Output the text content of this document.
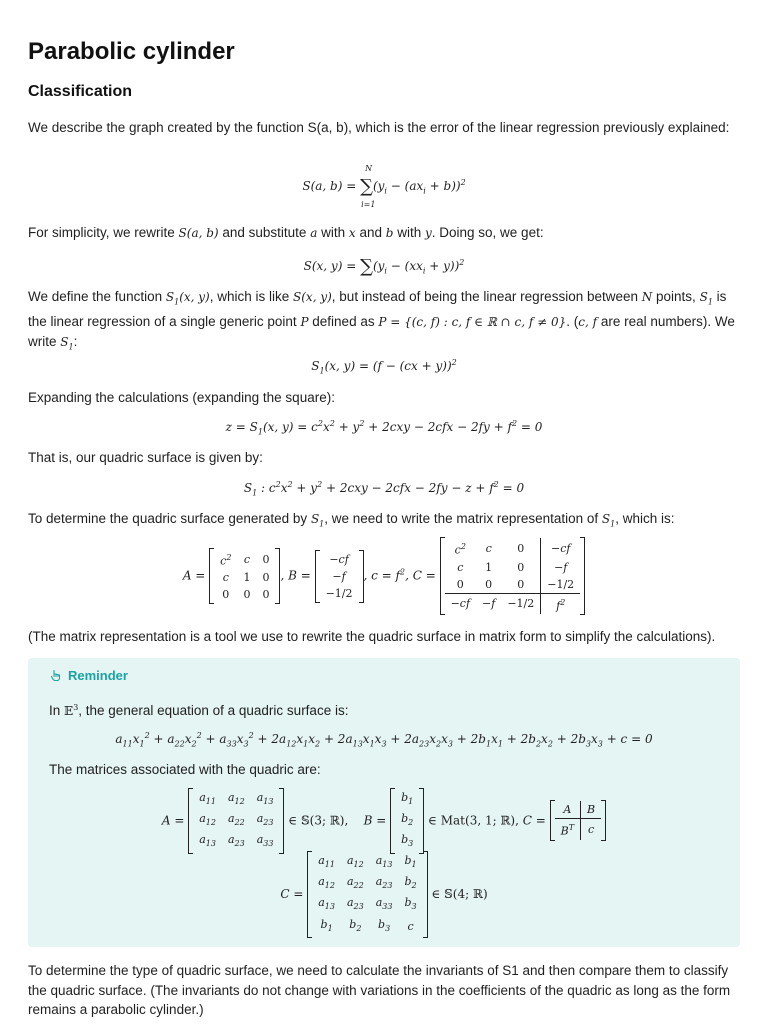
Parabolic cylinder
Classification
We describe the graph created by the function S(a, b), which is the error of the linear regression previously explained:
S(a, b) = ∑
N
i=1
$(y_i - (ax_i + b))^2$
For simplicity, we rewrite S(a, b) and substitute a with x and b with y. Doing so, we get:
S(x, $y) = \sum(y_i - (xx_i + y))^2$
We define the function $S_1(x$, y), which is like S(x, y), but instead of being the linear regression between N points, $S_1$ is the linear regression of a single generic point P defined as P = {(c, f) : c, f ∈ ℝ ∩ c, f ≠ 0}. (c, f are real numbers). We write $S_1$:
$S_1(x$, $y) = (f - (cx + y))^2$
Expanding the calculations (expanding the square):
$z = S_1(x$, $y) = c^2x^2 + y^2 + 2cxy - 2cfx - 2fy + f^2 = 0$
That is, our quadric surface is given by:
$S_1$ : $c^2x^2 + y^2 + 2cxy - 2cfx - 2fy - z + f^2 = 0$
To determine the quadric surface generated by $S_1$, we need to write the matrix representation of $S_1$, which is:
A =
$c^2$	c	0
c	1	0
0	0	0
, B =
−cf
−f
−1/2
, $c = f^2$, C =
$c^2$	c	0	−cf
c	1	0	−f
0	0	0	−1/2
−cf	−f	−1/2	$f^2$
(The matrix representation is a tool we use to rewrite the quadric surface in matrix form to simplify the calculations).
Reminder
In 𝔼$^3$, the general equation of a quadric surface is:
$a_{11}x_1^2 + a_{22}x_2^2 + a_{33}x_3^2 + 2a_{12}x_1x_2 + 2a_{13}x_1x_3 + 2a_{23}x_2x_3 + 2b_1x_1 + 2b_2x_2 + 2b_3x_3 + c = 0$
The matrices associated with the quadric are:
A =
$a_{11}$	$a_{12}$	$a_{13}$
$a_{12}$	$a_{22}$	$a_{23}$
$a_{13}$	$a_{23}$	$a_{33}$
∈ 𝕊(3; ℝ),    B =
$b_1$
$b_2$
$b_3$
∈ Mat(3, 1; ℝ), C =
A	B
$B^T$	c
C =
$a_{11}$	$a_{12}$	$a_{13}$	$b_1$
$a_{12}$	$a_{22}$	$a_{23}$	$b_2$
$a_{13}$	$a_{23}$	$a_{33}$	$b_3$
$b_1$	$b_2$	$b_3$	c
∈ 𝕊(4; ℝ)
To determine the type of quadric surface, we need to calculate the invariants of S1 and then compare them to classify the quadric surface. (The invariants do not change with variations in the coefficients of the quadric as long as the form remains a parabolic cylinder.)
